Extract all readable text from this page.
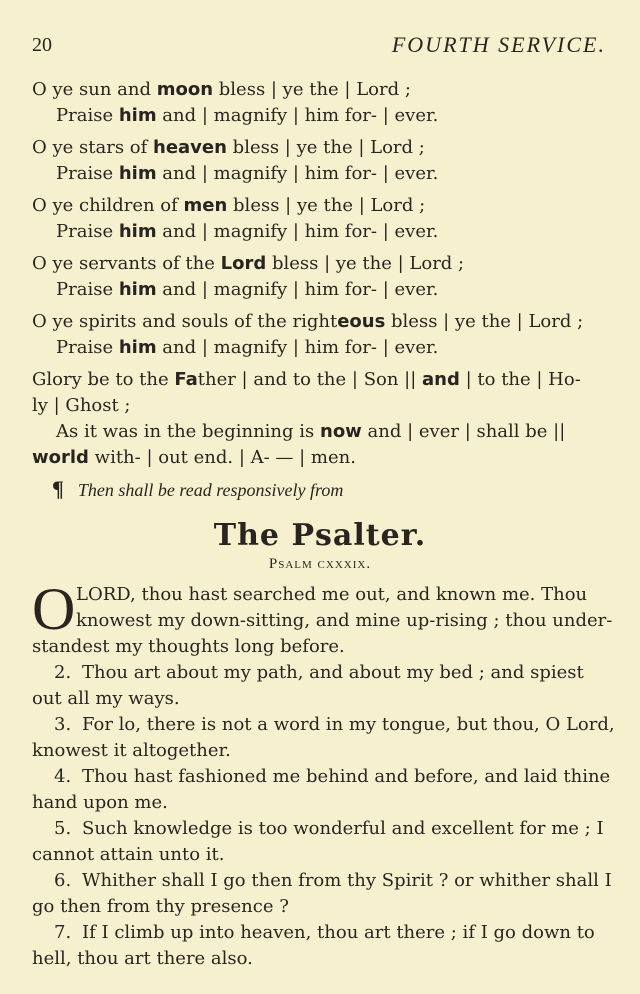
20	FOURTH SERVICE.
O ye sun and moon bless | ye the | Lord ;
Praise him and | magnify | him for- | ever.
O ye stars of heaven bless | ye the | Lord ;
Praise him and | magnify | him for- | ever.
O ye children of men bless | ye the | Lord ;
Praise him and | magnify | him for- | ever.
O ye servants of the Lord bless | ye the | Lord ;
Praise him and | magnify | him for- | ever.
O ye spirits and souls of the righteous bless | ye the | Lord ;
Praise him and | magnify | him for- | ever.
Glory be to the Father | and to the | Son || and | to the | Ho-
ly | Ghost ;
As it was in the beginning is now and | ever | shall be ||
world with- | out end. | A- — | men.
¶ Then shall be read responsively from
The Psalter.
Psalm cxxxix.
O LORD, thou hast searched me out, and known me. Thou
knowest my down-sitting, and mine up-rising ; thou under-
standest my thoughts long before.
2. Thou art about my path, and about my bed ; and spiest
out all my ways.
3. For lo, there is not a word in my tongue, but thou, O Lord,
knowest it altogether.
4. Thou hast fashioned me behind and before, and laid thine
hand upon me.
5. Such knowledge is too wonderful and excellent for me ; I
cannot attain unto it.
6. Whither shall I go then from thy Spirit ? or whither shall I
go then from thy presence ?
7. If I climb up into heaven, thou art there ; if I go down to
hell, thou art there also.
